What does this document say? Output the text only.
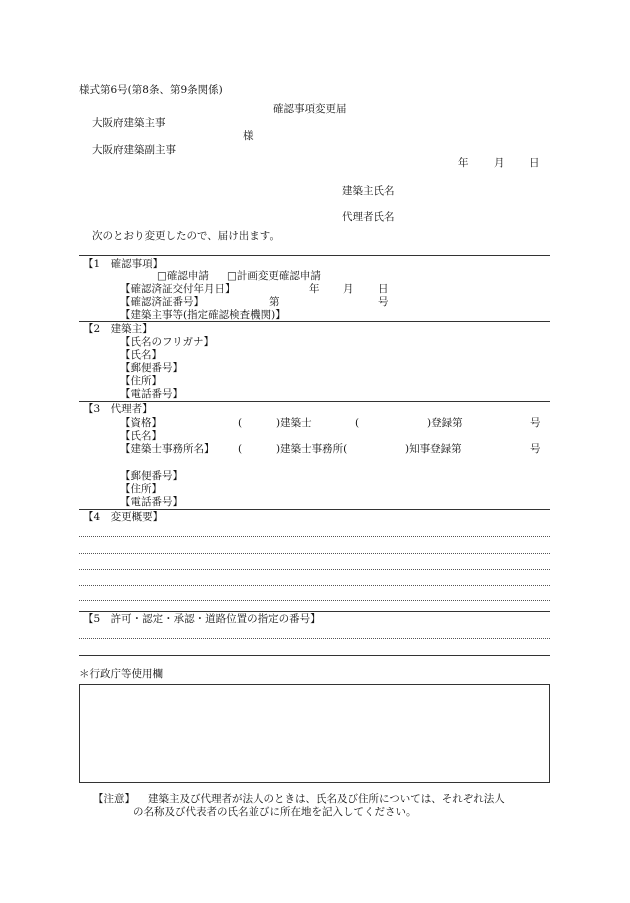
様式第6号(第8条、第9条関係)
確認事項変更届
大阪府建築主事
様
大阪府建築副主事
年 月 日
建築主氏名
代理者氏名
次のとおり変更したので、届け出ます。
【1　確認事項】
□確認申請 □計画変更確認申請
【確認済証交付年月日】	年 月 日
【確認済証番号】	第	号
【建築主事等(指定確認検査機関)】
【2　建築主】
【氏名のフリガナ】
【氏名】
【郵便番号】
【住所】
【電話番号】
【3　代理者】
【資格】	(	)建築士	(	)登録第	号
【氏名】
【建築士事務所名】 (	)建築士事務所(	)知事登録第	号
【郵便番号】
【住所】
【電話番号】
【4　変更概要】
【5　許可・認定・承認・道路位置の指定の番号】
＊行政庁等使用欄
【注意】 建築主及び代理者が法人のときは、氏名及び住所については、それぞれ法人
の名称及び代表者の氏名並びに所在地を記入してください。
